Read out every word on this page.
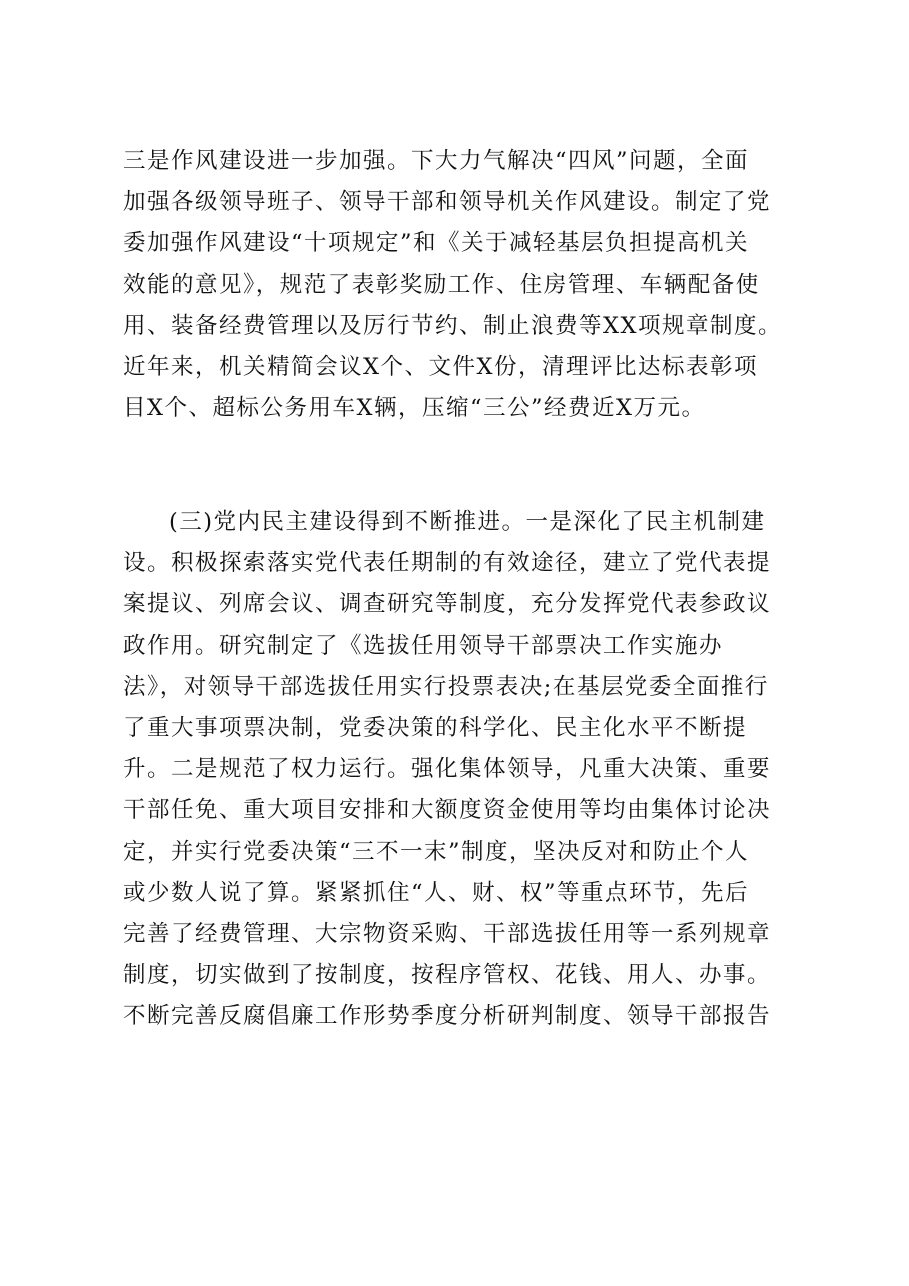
三是作风建设进一步加强。下大力气解决“四风”问题，全面
加强各级领导班子、领导干部和领导机关作风建设。制定了党
委加强作风建设“十项规定”和《关于减轻基层负担提高机关
效能的意见》，规范了表彰奖励工作、住房管理、车辆配备使
用、装备经费管理以及厉行节约、制止浪费等XX项规章制度。
近年来，机关精简会议X个、文件X份，清理评比达标表彰项
目X个、超标公务用车X辆，压缩“三公”经费近X万元。
(三)党内民主建设得到不断推进。一是深化了民主机制建
设。积极探索落实党代表任期制的有效途径，建立了党代表提
案提议、列席会议、调查研究等制度，充分发挥党代表参政议
政作用。研究制定了《选拔任用领导干部票决工作实施办
法》，对领导干部选拔任用实行投票表决;在基层党委全面推行
了重大事项票决制，党委决策的科学化、民主化水平不断提
升。二是规范了权力运行。强化集体领导，凡重大决策、重要
干部任免、重大项目安排和大额度资金使用等均由集体讨论决
定，并实行党委决策“三不一末”制度，坚决反对和防止个人
或少数人说了算。紧紧抓住“人、财、权”等重点环节，先后
完善了经费管理、大宗物资采购、干部选拔任用等一系列规章
制度，切实做到了按制度，按程序管权、花钱、用人、办事。
不断完善反腐倡廉工作形势季度分析研判制度、领导干部报告
